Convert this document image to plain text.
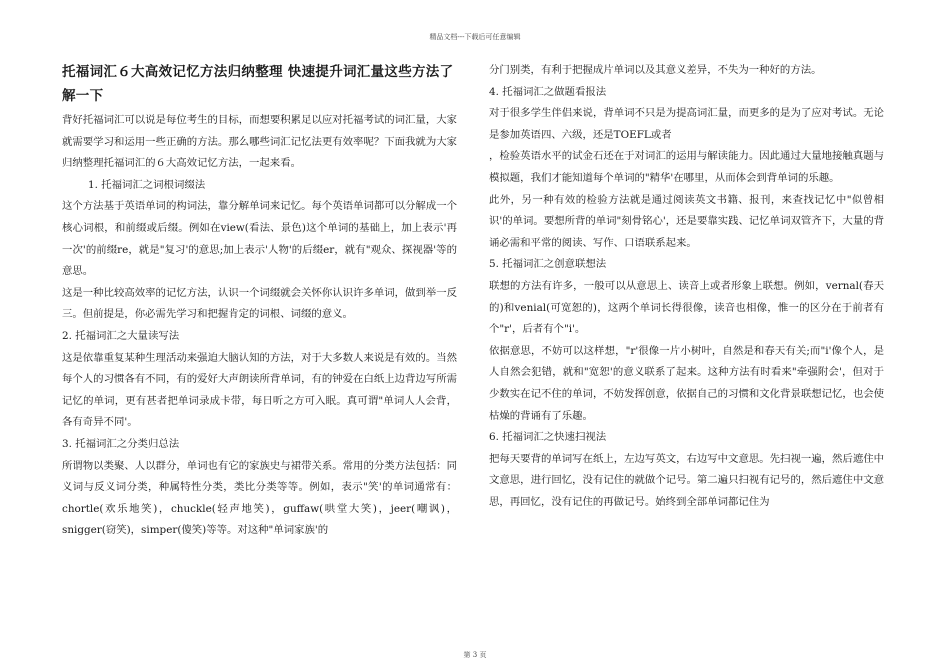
精品文档---下载后可任意编辑
托福词汇６大高效记忆方法归纳整理 快速提升词汇量这些方法了解一下

背好托福词汇可以说是每位考生的目标，而想要积累足以应对托福考试的词汇量，大家就需要学习和运用一些正确的方法。那么哪些词汇记忆法更有效率呢？下面我就为大家归纳整理托福词汇的６大高效记忆方法，一起来看。

1. 托福词汇之词根词缀法

这个方法基于英语单词的构词法，靠分解单词来记忆。每个英语单词都可以分解成一个核心词根，和前缀或后缀。例如在view(看法、景色)这个单词的基础上，加上表示'再一次'的前缀re，就是"复习'的意思;加上表示'人物'的后缀er，就有"观众、探视器'等的意思。

这是一种比较高效率的记忆方法，认识一个词缀就会关怀你认识许多单词，做到举一反三。但前提是，你必需先学习和把握肯定的词根、词缀的意义。

2. 托福词汇之大量读写法

这是依靠重复某种生理活动来强迫大脑认知的方法，对于大多数人来说是有效的。当然每个人的习惯各有不同，有的爱好大声朗读所背单词，有的钟爱在白纸上边背边写所需记忆的单词，更有甚者把单词录成卡带，每日听之方可入眠。真可谓"单词人人会背，各有奇异不同'。

3. 托福词汇之分类归总法

所谓物以类聚、人以群分，单词也有它的家族史与裙带关系。常用的分类方法包括：同义词与反义词分类，种属特性分类，类比分类等等。例如，表示"笑'的单词通常有：chortle(欢乐地笑)，chuckle(轻声地笑)，guffaw(哄堂大笑)，jeer(嘲讽)，snigger(窃笑)，simper(傻笑)等等。对这种"单词家族'的

分门别类，有利于把握成片单词以及其意义差异，不失为一种好的方法。

4. 托福词汇之做题看报法

对于很多学生伴侣来说，背单词不只是为提高词汇量，而更多的是为了应对考试。无论是参加英语四、六级，还是TOEFL或者

，检验英语水平的试金石还在于对词汇的运用与解读能力。因此通过大量地接触真题与模拟题，我们才能知道每个单词的"精华'在哪里，从而体会到背单词的乐趣。

此外，另一种有效的检验方法就是通过阅读英文书籍、报刊，来查找记忆中"似曾相识'的单词。要想所背的单词"刻骨铭心'，还是要靠实践、记忆单词双管齐下，大量的背诵必需和平常的阅读、写作、口语联系起来。

5. 托福词汇之创意联想法

联想的方法有许多，一般可以从意思上、读音上或者形象上联想。例如，vernal(春天的)和venial(可宽恕的)，这两个单词长得很像，读音也相像，惟一的区分在于前者有个"r'，后者有个"i'。

依据意思，不妨可以这样想，"r'很像一片小树叶，自然是和春天有关;而"i'像个人，是人自然会犯错，就和"宽恕'的意义联系了起来。这种方法有时看来"牵强附会'，但对于少数实在记不住的单词，不妨发挥创意，依据自己的习惯和文化背景联想记忆，也会使枯燥的背诵有了乐趣。

6. 托福词汇之快速扫视法

把每天要背的单词写在纸上，左边写英文，右边写中文意思。先扫视一遍，然后遮住中文意思，进行回忆，没有记住的就做个记号。第二遍只扫视有记号的，然后遮住中文意思，再回忆，没有记住的再做记号。始终到全部单词都记住为

第 3 页
